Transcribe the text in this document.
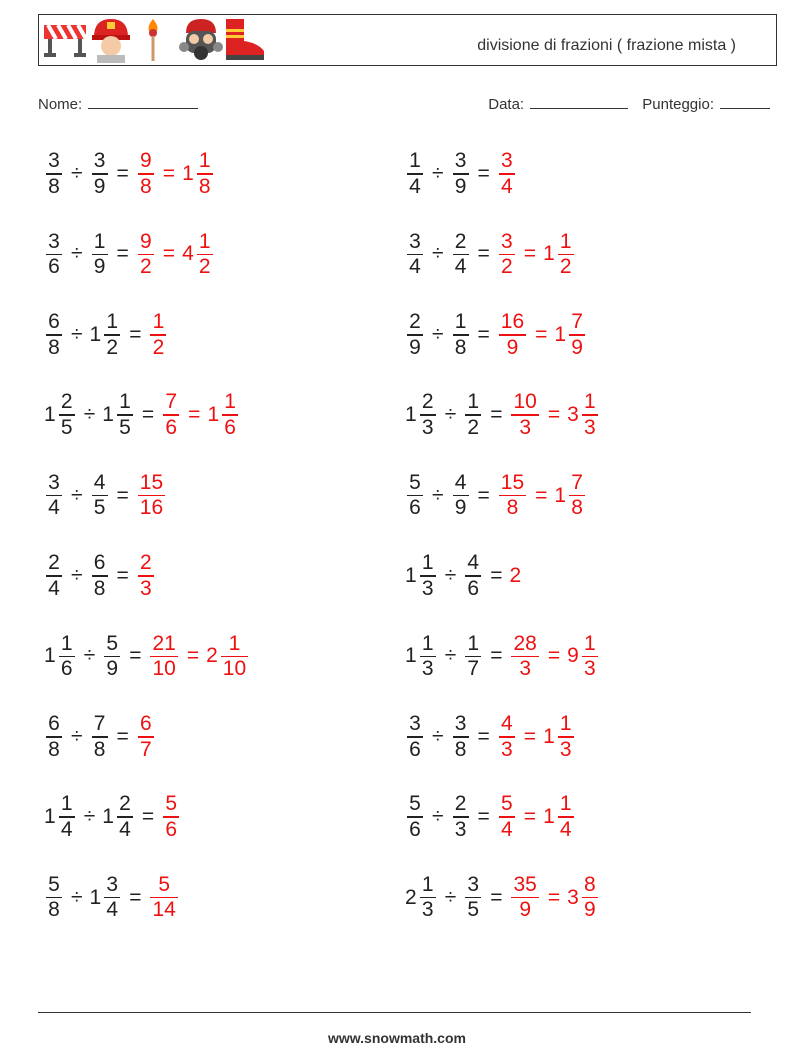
divisione di frazioni ( frazione mista )
Nome:	Data:	Punteggio:
$\frac{3}{8} \div \frac{3}{9} = \frac{9}{8} = 1 \frac{1}{8}$	$\frac{1}{4} \div \frac{3}{9} = \frac{3}{4}$
$\frac{3}{6} \div \frac{1}{9} = \frac{9}{2} = 4 \frac{1}{2}$	$\frac{3}{4} \div \frac{2}{4} = \frac{3}{2} = 1 \frac{1}{2}$
$\frac{6}{8} \div 1 \frac{1}{2} = \frac{1}{2}$	$\frac{2}{9} \div \frac{1}{8} = \frac{16}{9} = 1 \frac{7}{9}$
$1 \frac{2}{5} \div 1 \frac{1}{5} = \frac{7}{6} = 1 \frac{1}{6}$	$1 \frac{2}{3} \div \frac{1}{2} = \frac{10}{3} = 3 \frac{1}{3}$
$\frac{3}{4} \div \frac{4}{5} = \frac{15}{16}$	$\frac{5}{6} \div \frac{4}{9} = \frac{15}{8} = 1 \frac{7}{8}$
$\frac{2}{4} \div \frac{6}{8} = \frac{2}{3}$	$1 \frac{1}{3} \div \frac{4}{6} = 2$
$1 \frac{1}{6} \div \frac{5}{9} = \frac{21}{10} = 2 \frac{1}{10}$	$1 \frac{1}{3} \div \frac{1}{7} = \frac{28}{3} = 9 \frac{1}{3}$
$\frac{6}{8} \div \frac{7}{8} = \frac{6}{7}$	$\frac{3}{6} \div \frac{3}{8} = \frac{4}{3} = 1 \frac{1}{3}$
$1 \frac{1}{4} \div 1 \frac{2}{4} = \frac{5}{6}$	$\frac{5}{6} \div \frac{2}{3} = \frac{5}{4} = 1 \frac{1}{4}$
$\frac{5}{8} \div 1 \frac{3}{4} = \frac{5}{14}$	$2 \frac{1}{3} \div \frac{3}{5} = \frac{35}{9} = 3 \frac{8}{9}$
www.snowmath.com
